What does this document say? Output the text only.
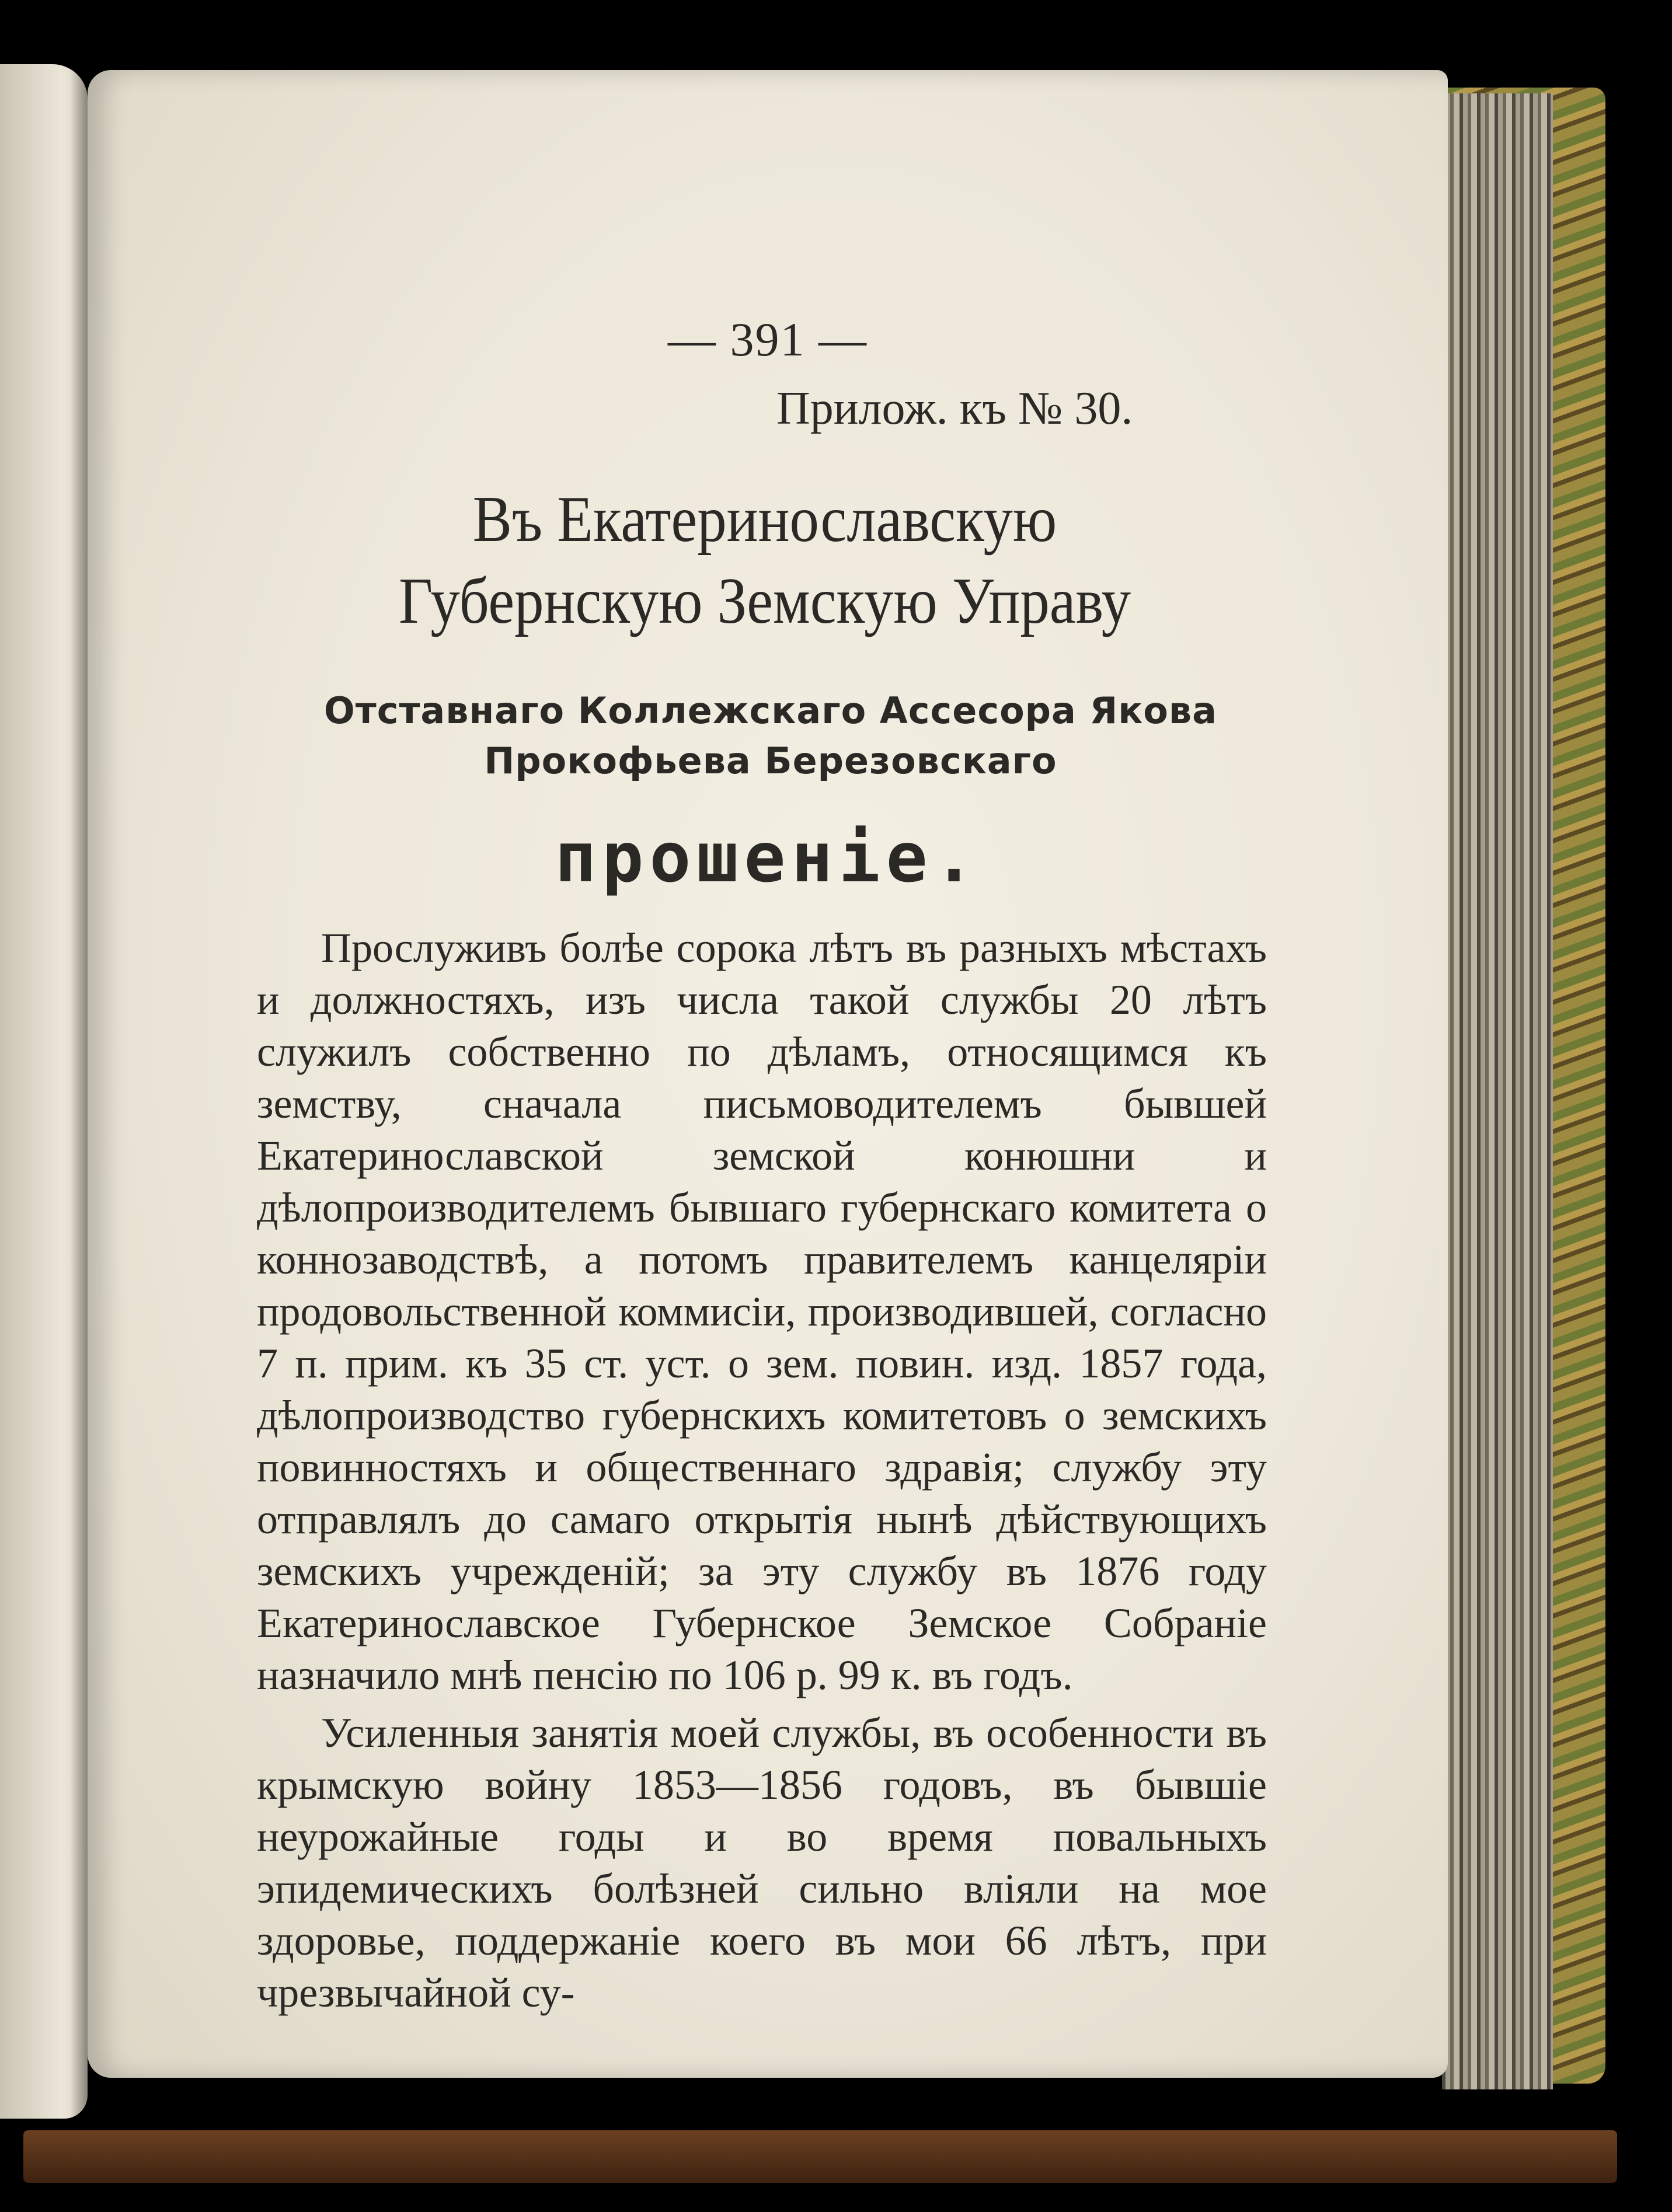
— 391 —
Прилож. къ № 30.
Въ Екатеринославскую Губернскую Земскую Управу
Отставнаго Коллежскаго Ассесора Якова
Прокофьева Березовскаго
прошеніе.

Прослуживъ болѣе сорока лѣтъ въ разныхъ мѣстахъ и должностяхъ, изъ числа такой службы 20 лѣтъ служилъ собственно по дѣламъ, относящимся къ земству, сначала письмоводителемъ бывшей Екатеринославской земской конюшни и дѣлопроизводителемъ бывшаго губернскаго комитета о коннозаводствѣ, а потомъ правителемъ канцеляріи продовольственной коммисіи, производившей, согласно 7 п. прим. къ 35 ст. уст. о зем. повин. изд. 1857 года, дѣлопроизводство губернскихъ комитетовъ о земскихъ повинностяхъ и общественнаго здравія; службу эту отправлялъ до самаго открытія нынѣ дѣйствующихъ земскихъ учрежденій; за эту службу въ 1876 году Екатеринославское Губернское Земское Собраніе назначило мнѣ пенсію по 106 р. 99 к. въ годъ.

Усиленныя занятія моей службы, въ особенности въ крымскую войну 1853—1856 годовъ, въ бывшіе неурожайные годы и во время повальныхъ эпидемическихъ болѣзней сильно вліяли на мое здоровье, поддержаніе коего въ мои 66 лѣтъ, при чрезвычайной су-
